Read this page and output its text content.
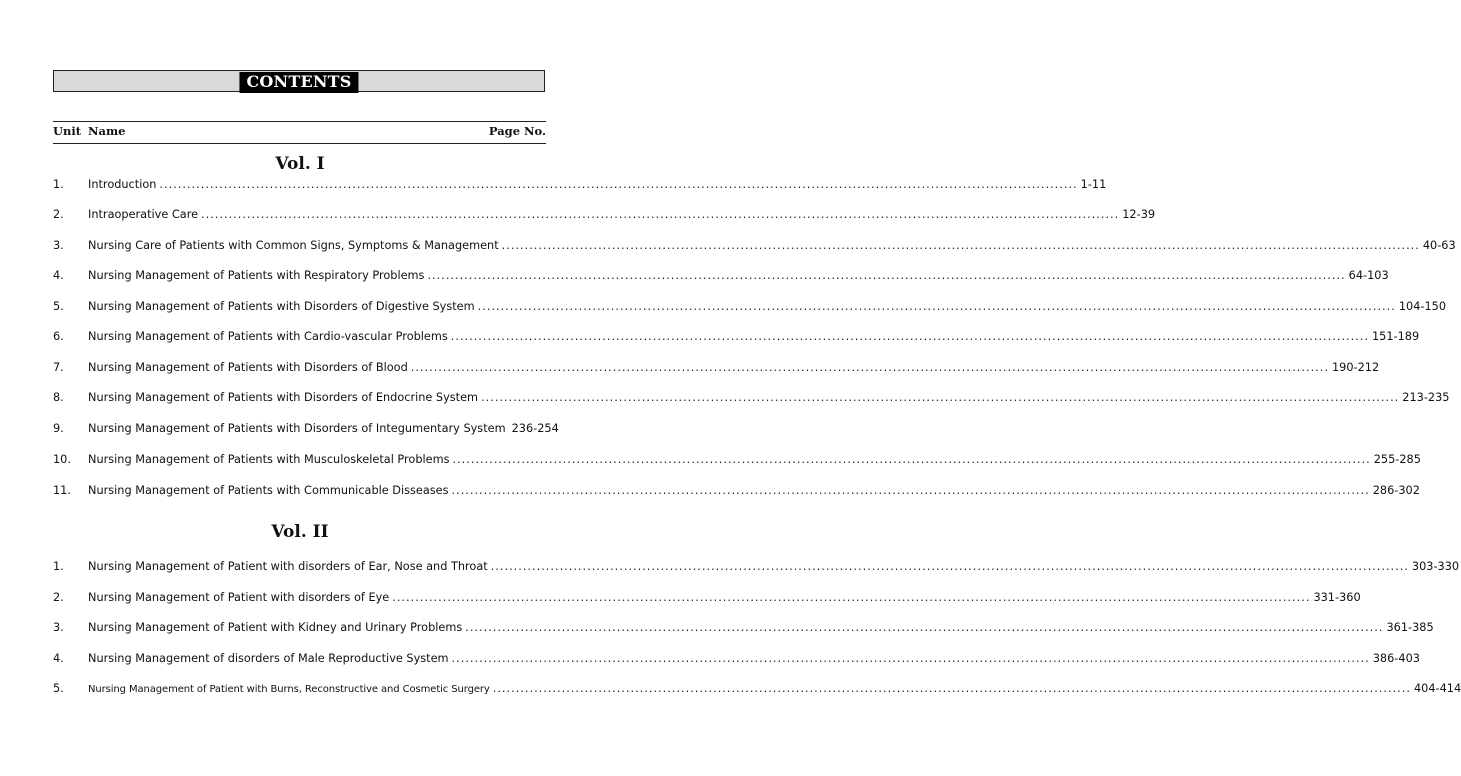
CONTENTS
Unit Name	Page No.
Vol. I
1. Introduction ........................................................................................................................................................................................................ 1-11
2. Intraoperative Care ........................................................................................................................................................................................................ 12-39
3. Nursing Care of Patients with Common Signs, Symptoms & Management ........................................................................................................................................................................................................ 40-63
4. Nursing Management of Patients with Respiratory Problems ........................................................................................................................................................................................................ 64-103
5. Nursing Management of Patients with Disorders of Digestive System ........................................................................................................................................................................................................ 104-150
6. Nursing Management of Patients with Cardio-vascular Problems ........................................................................................................................................................................................................ 151-189
7. Nursing Management of Patients with Disorders of Blood ........................................................................................................................................................................................................ 190-212
8. Nursing Management of Patients with Disorders of Endocrine System ........................................................................................................................................................................................................ 213-235
9. Nursing Management of Patients with Disorders of Integumentary System 236-254
10. Nursing Management of Patients with Musculoskeletal Problems ........................................................................................................................................................................................................ 255-285
11. Nursing Management of Patients with Communicable Disseases ........................................................................................................................................................................................................ 286-302
Vol. II
1. Nursing Management of Patient with disorders of Ear, Nose and Throat ........................................................................................................................................................................................................ 303-330
2. Nursing Management of Patient with disorders of Eye ........................................................................................................................................................................................................ 331-360
3. Nursing Management of Patient with Kidney and Urinary Problems ........................................................................................................................................................................................................ 361-385
4. Nursing Management of disorders of Male Reproductive System ........................................................................................................................................................................................................ 386-403
5. Nursing Management of Patient with Burns, Reconstructive and Cosmetic Surgery ........................................................................................................................................................................................................ 404-414
